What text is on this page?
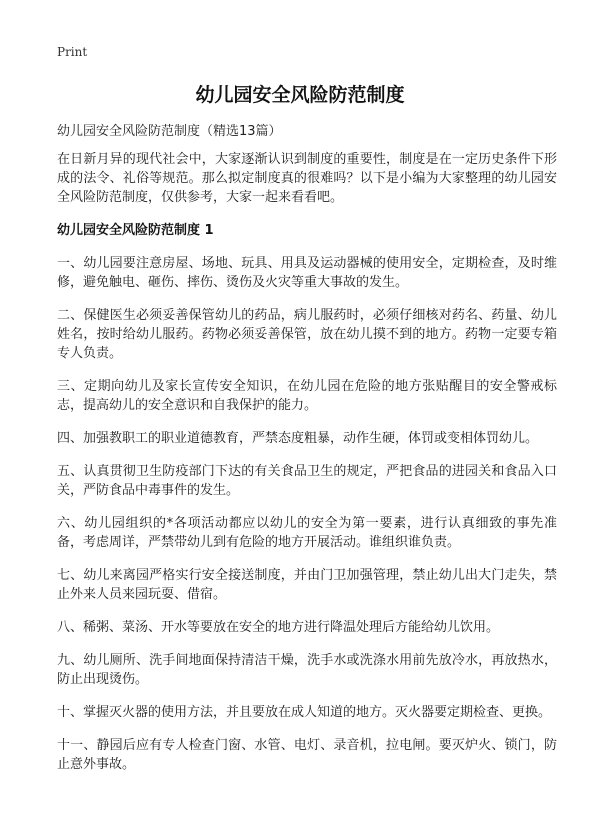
Print
幼儿园安全风险防范制度
幼儿园安全风险防范制度（精选13篇）

在日新月异的现代社会中，大家逐渐认识到制度的重要性，制度是在一定历史条件下形成的法令、礼俗等规范。那么拟定制度真的很难吗？以下是小编为大家整理的幼儿园安全风险防范制度，仅供参考，大家一起来看看吧。

幼儿园安全风险防范制度 1

一、幼儿园要注意房屋、场地、玩具、用具及运动器械的使用安全，定期检查，及时维修，避免触电、砸伤、摔伤、烫伤及火灾等重大事故的发生。

二、保健医生必须妥善保管幼儿的药品，病儿服药时，必须仔细核对药名、药量、幼儿姓名，按时给幼儿服药。药物必须妥善保管，放在幼儿摸不到的地方。药物一定要专箱专人负责。

三、定期向幼儿及家长宣传安全知识，在幼儿园在危险的地方张贴醒目的安全警戒标志，提高幼儿的安全意识和自我保护的能力。

四、加强教职工的职业道德教育，严禁态度粗暴，动作生硬，体罚或变相体罚幼儿。

五、认真贯彻卫生防疫部门下达的有关食品卫生的规定，严把食品的进园关和食品入口关，严防食品中毒事件的发生。

六、幼儿园组织的*各项活动都应以幼儿的安全为第一要素，进行认真细致的事先准备，考虑周详，严禁带幼儿到有危险的地方开展活动。谁组织谁负责。

七、幼儿来离园严格实行安全接送制度，并由门卫加强管理，禁止幼儿出大门走失，禁止外来人员来园玩耍、借宿。

八、稀粥、菜汤、开水等要放在安全的地方进行降温处理后方能给幼儿饮用。

九、幼儿厕所、洗手间地面保持清洁干燥，洗手水或洗涤水用前先放冷水，再放热水，防止出现烫伤。

十、掌握灭火器的使用方法，并且要放在成人知道的地方。灭火器要定期检查、更换。

十一、静园后应有专人检查门窗、水管、电灯、录音机，拉电闸。要灭炉火、锁门，防止意外事故。
